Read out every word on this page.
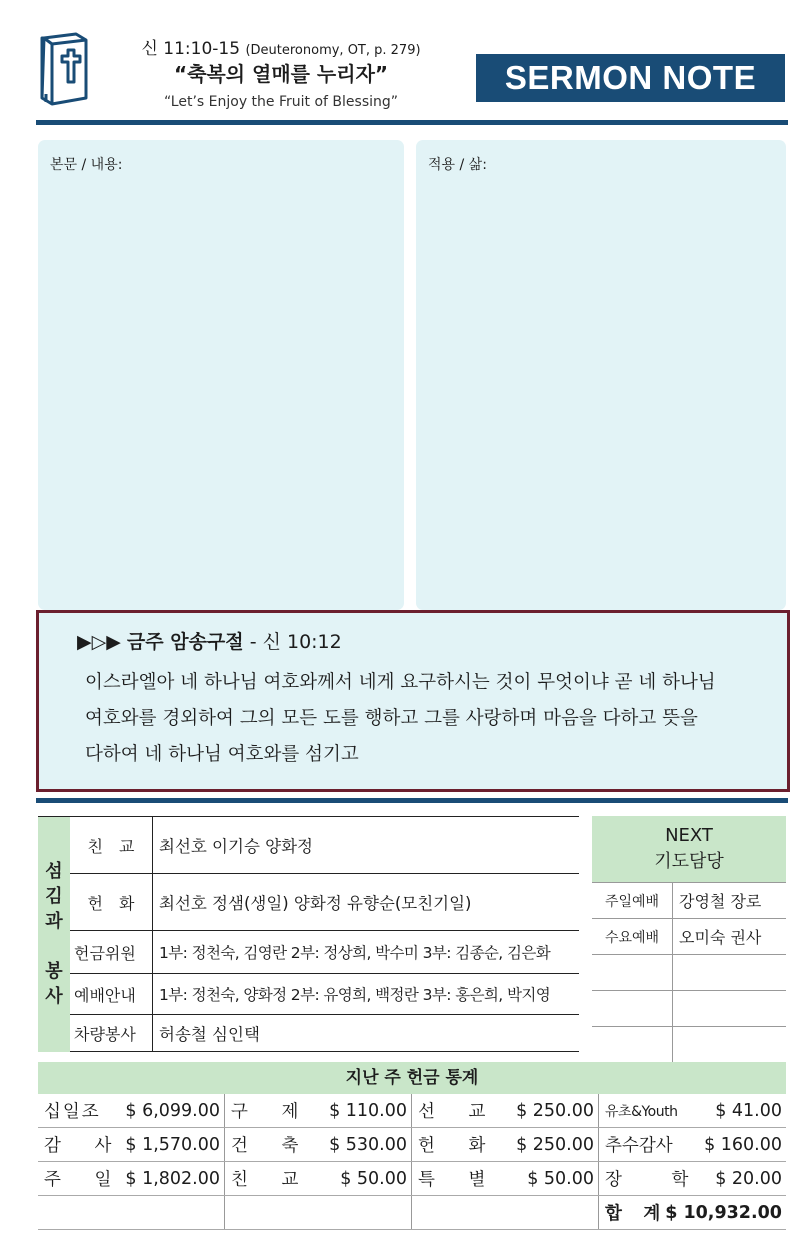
신 11:10-15 (Deuteronomy, OT, p. 279)
“축복의 열매를 누리자”
“Let’s Enjoy the Fruit of Blessing”
SERMON NOTE
본문 / 내용:	적용 / 삶:
▶▷▶ 금주 암송구절 - 신 10:12
이스라엘아 네 하나님 여호와께서 네게 요구하시는 것이 무엇이냐 곧 네 하나님
여호와를 경외하여 그의 모든 도를 행하고 그를 사랑하며 마음을 다하고 뜻을
다하여 네 하나님 여호와를 섬기고
섬
김
과
봉
사	친　교	최선호 이기승 양화정
	헌　화	최선호 정샘(생일) 양화정 유향순(모친기일)
	헌금위원	1부: 정천숙, 김영란 2부: 정상희, 박수미 3부: 김종순, 김은화
	예배안내	1부: 정천숙, 양화정 2부: 유영희, 백정란 3부: 홍은희, 박지영
	차량봉사	허송철 심인택
NEXT
기도담당	

주일예배	강영철 장로
수요예배	오미숙 권사

지난 주 헌금 통계
십일조 $ 6,099.00	구 제 $ 110.00	선 교 $ 250.00	유초&Youth $ 41.00

감 사 $ 1,570.00	건 축 $ 530.00	헌 화 $ 250.00	추수감사 $ 160.00

주 일 $ 1,802.00	친 교 $ 50.00	특 별 $ 50.00	장 학 $ 20.00

			합　계 $ 10,932.00
